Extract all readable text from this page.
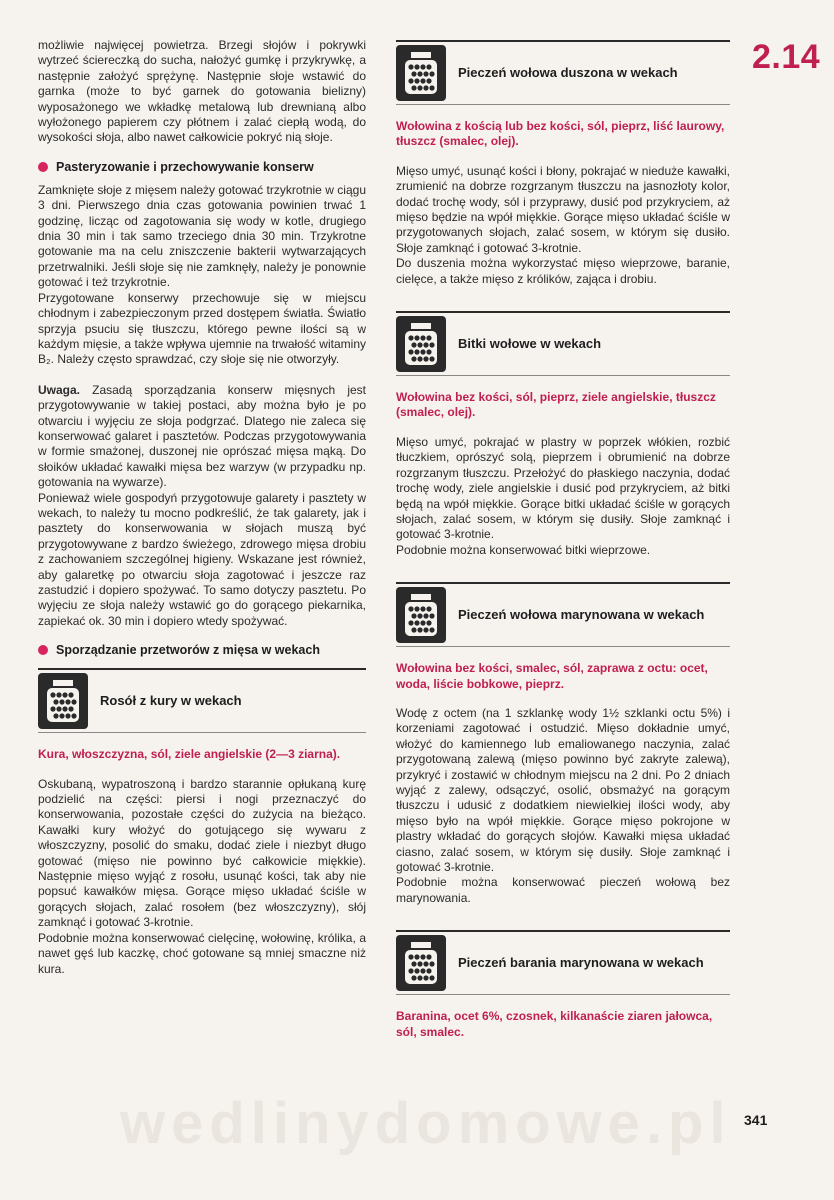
wedlinydomowe.pl
2.14

możliwie najwięcej powietrza. Brzegi słojów i pokrywki wytrzeć ściereczką do sucha, nałożyć gumkę i przykrywkę, a następnie założyć sprężynę. Następnie słoje wstawić do garnka (może to być garnek do gotowania bielizny) wyposażonego we wkładkę metalową lub drewnianą albo wyłożonego papierem czy płótnem i zalać ciepłą wodą, do wysokości słoja, albo nawet całkowicie pokryć nią słoje.

Pasteryzowanie i przechowywanie konserw

Zamknięte słoje z mięsem należy gotować trzykrotnie w ciągu 3 dni. Pierwszego dnia czas gotowania powinien trwać 1 godzinę, licząc od zagotowania się wody w kotle, drugiego dnia 30 min i tak samo trzeciego dnia 30 min. Trzykrotne gotowanie ma na celu zniszczenie bakterii wytwarzających przetrwalniki. Jeśli słoje się nie zamknęły, należy je ponownie gotować i też trzykrotnie.

Przygotowane konserwy przechowuje się w miejscu chłodnym i zabezpieczonym przed dostępem światła. Światło sprzyja psuciu się tłuszczu, którego pewne ilości są w każdym mięsie, a także wpływa ujemnie na trwałość witaminy B₂. Należy często sprawdzać, czy słoje się nie otworzyły.

Uwaga. Zasadą sporządzania konserw mięsnych jest przygotowywanie w takiej postaci, aby można było je po otwarciu i wyjęciu ze słoja podgrzać. Dlatego nie zaleca się konserwować galaret i pasztetów. Podczas przygotowywania w formie smażonej, duszonej nie oprószać mięsa mąką. Do słoików układać kawałki mięsa bez warzyw (w przypadku np. gotowania na wywarze).

Ponieważ wiele gospodyń przygotowuje galarety i pasztety w wekach, to należy tu mocno podkreślić, że tak galarety, jak i pasztety do konserwowania w słojach muszą być przygotowywane z bardzo świeżego, zdrowego mięsa drobiu z zachowaniem szczególnej higieny. Wskazane jest również, aby galaretkę po otwarciu słoja zagotować i jeszcze raz zastudzić i dopiero spożywać. To samo dotyczy pasztetu. Po wyjęciu ze słoja należy wstawić go do gorącego piekarnika, zapiekać ok. 30 min i dopiero wtedy spożywać.

Sporządzanie przetworów z mięsa w wekach
Rosół z kury w wekach

Kura, włoszczyzna, sól, ziele angielskie (2—3 ziarna).

Oskubaną, wypatroszoną i bardzo starannie opłukaną kurę podzielić na części: piersi i nogi przeznaczyć do konserwowania, pozostałe części do zużycia na bieżąco. Kawałki kury włożyć do gotującego się wywaru z włoszczyzny, posolić do smaku, dodać ziele i niezbyt długo gotować (mięso nie powinno być całkowicie miękkie). Następnie mięso wyjąć z rosołu, usunąć kości, tak aby nie popsuć kawałków mięsa. Gorące mięso układać ściśle w gorących słojach, zalać rosołem (bez włoszczyzny), słój zamknąć i gotować 3-krotnie.

Podobnie można konserwować cielęcinę, wołowinę, królika, a nawet gęś lub kaczkę, choć gotowane są mniej smaczne niż kura.

Pieczeń wołowa duszona w wekach

Wołowina z kością lub bez kości, sól, pieprz, liść laurowy, tłuszcz (smalec, olej).

Mięso umyć, usunąć kości i błony, pokrajać w nieduże kawałki, zrumienić na dobrze rozgrzanym tłuszczu na jasnozłoty kolor, dodać trochę wody, sól i przyprawy, dusić pod przykryciem, aż mięso będzie na wpół miękkie. Gorące mięso układać ściśle w przygotowanych słojach, zalać sosem, w którym się dusiło. Słoje zamknąć i gotować 3-krotnie.

Do duszenia można wykorzystać mięso wieprzowe, baranie, cielęce, a także mięso z królików, zająca i drobiu.

Bitki wołowe w wekach

Wołowina bez kości, sól, pieprz, ziele angielskie, tłuszcz (smalec, olej).

Mięso umyć, pokrajać w plastry w poprzek włókien, rozbić tłuczkiem, oprószyć solą, pieprzem i obrumienić na dobrze rozgrzanym tłuszczu. Przełożyć do płaskiego naczynia, dodać trochę wody, ziele angielskie i dusić pod przykryciem, aż bitki będą na wpół miękkie. Gorące bitki układać ściśle w gorących słojach, zalać sosem, w którym się dusiły. Słoje zamknąć i gotować 3-krotnie.

Podobnie można konserwować bitki wieprzowe.

Pieczeń wołowa marynowana w wekach

Wołowina bez kości, smalec, sól, zaprawa z octu: ocet, woda, liście bobkowe, pieprz.

Wodę z octem (na 1 szklankę wody 1½ szklanki octu 5%) i korzeniami zagotować i ostudzić. Mięso dokładnie umyć, włożyć do kamiennego lub emaliowanego naczynia, zalać przygotowaną zalewą (mięso powinno być zakryte zalewą), przykryć i zostawić w chłodnym miejscu na 2 dni. Po 2 dniach wyjąć z zalewy, odsączyć, osolić, obsmażyć na gorącym tłuszczu i udusić z dodatkiem niewielkiej ilości wody, aby mięso było na wpół miękkie. Gorące mięso pokrojone w plastry wkładać do gorących słojów. Kawałki mięsa układać ciasno, zalać sosem, w którym się dusiły. Słoje zamknąć i gotować 3-krotnie.

Podobnie można konserwować pieczeń wołową bez marynowania.

Pieczeń barania marynowana w wekach

Baranina, ocet 6%, czosnek, kilkanaście ziaren jałowca, sól, smalec.

341
